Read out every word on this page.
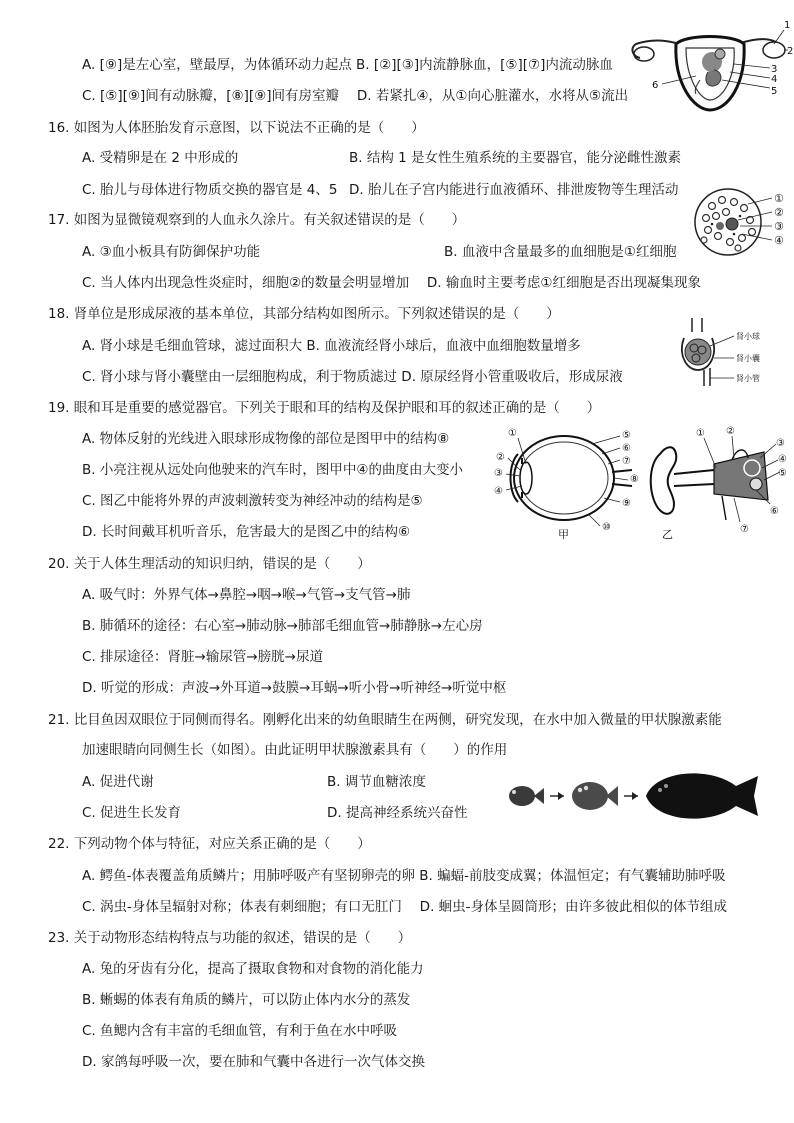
A. [⑨]是左心室，壁最厚，为体循环动力起点 B. [②][③]内流静脉血，[⑤][⑦]内流动脉血
C. [⑤][⑨]间有动脉瓣，[⑧][⑨]间有房室瓣　 D. 若紧扎④，从①向心脏灌水，水将从⑤流出
16. 如图为人体胚胎发育示意图，以下说法不正确的是（　　）
A. 受精卵是在 2 中形成的	B. 结构 1 是女性生殖系统的主要器官，能分泌雌性激素
C. 胎儿与母体进行物质交换的器官是 4、5 D. 胎儿在子宫内能进行血液循环、排泄废物等生理活动
17. 如图为显微镜观察到的人血永久涂片。有关叙述错误的是（　　）
A. ③血小板具有防御保护功能	B. 血液中含量最多的血细胞是①红细胞
C. 当人体内出现急性炎症时，细胞②的数量会明显增加　 D. 输血时主要考虑①红细胞是否出现凝集现象
18. 肾单位是形成尿液的基本单位，其部分结构如图所示。下列叙述错误的是（　　）
A. 肾小球是毛细血管球，滤过面积大 B. 血液流经肾小球后，血液中血细胞数量增多
C. 肾小球与肾小囊壁由一层细胞构成，利于物质滤过 D. 原尿经肾小管重吸收后，形成尿液
19. 眼和耳是重要的感觉器官。下列关于眼和耳的结构及保护眼和耳的叙述正确的是（　　）
A. 物体反射的光线进入眼球形成物像的部位是图甲中的结构⑧
B. 小亮注视从远处向他驶来的汽车时，图甲中④的曲度由大变小
C. 图乙中能将外界的声波刺激转变为神经冲动的结构是⑤
D. 长时间戴耳机听音乐，危害最大的是图乙中的结构⑥
20. 关于人体生理活动的知识归纳，错误的是（　　）
A. 吸气时：外界气体→鼻腔→咽→喉→气管→支气管→肺
B. 肺循环的途径：右心室→肺动脉→肺部毛细血管→肺静脉→左心房
C. 排尿途径：肾脏→输尿管→膀胱→尿道
D. 听觉的形成：声波→外耳道→鼓膜→耳蜗→听小骨→听神经→听觉中枢
21. 比目鱼因双眼位于同侧而得名。刚孵化出来的幼鱼眼睛生在两侧，研究发现，在水中加入微量的甲状腺激素能
加速眼睛向同侧生长（如图）。由此证明甲状腺激素具有（　　）的作用
A. 促进代谢	B. 调节血糖浓度
C. 促进生长发育	D. 提高神经系统兴奋性
22. 下列动物个体与特征，对应关系正确的是（　　）
A. 鳄鱼-体表覆盖角质鳞片；用肺呼吸产有坚韧卵壳的卵 B. 蝙蝠-前肢变成翼；体温恒定；有气囊辅助肺呼吸
C. 涡虫-身体呈辐射对称；体表有刺细胞；有口无肛门　 D. 蛔虫-身体呈圆筒形；由许多彼此相似的体节组成
23. 关于动物形态结构特点与功能的叙述，错误的是（　　）
A. 兔的牙齿有分化，提高了摄取食物和对食物的消化能力
B. 蜥蜴的体表有角质的鳞片，可以防止体内水分的蒸发
C. 鱼鳃内含有丰富的毛细血管，有利于鱼在水中呼吸
D. 家鸽每呼吸一次，要在肺和气囊中各进行一次气体交换
1
2
3
4
5
6
①
②
③
④
肾小球
肾小囊
肾小管
①
②
③
④
⑤
⑥
⑦
⑧
⑨
⑩
甲
① ②
③
④
⑤
⑥
⑦
乙
